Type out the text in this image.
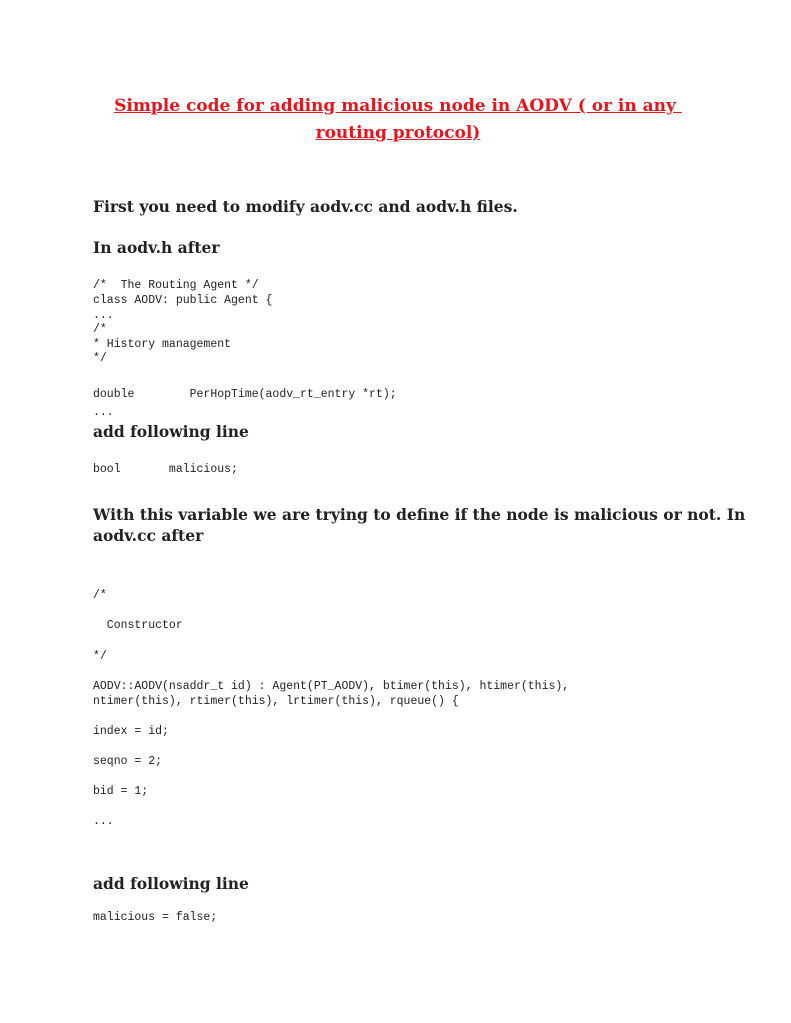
Simple code for adding malicious node in AODV ( or in any
routing protocol)
First you need to modify aodv.cc and aodv.h files.
In aodv.h after
/*  The Routing Agent */
class AODV: public Agent {
...
/*
* History management
*/
double        PerHopTime(aodv_rt_entry *rt);
...
add following line
bool       malicious;
With this variable we are trying to define if the node is malicious or not. In
aodv.cc after
/*
Constructor
*/
AODV::AODV(nsaddr_t id) : Agent(PT_AODV), btimer(this), htimer(this),
ntimer(this), rtimer(this), lrtimer(this), rqueue() {
index = id;
seqno = 2;
bid = 1;
...
add following line
malicious = false;
